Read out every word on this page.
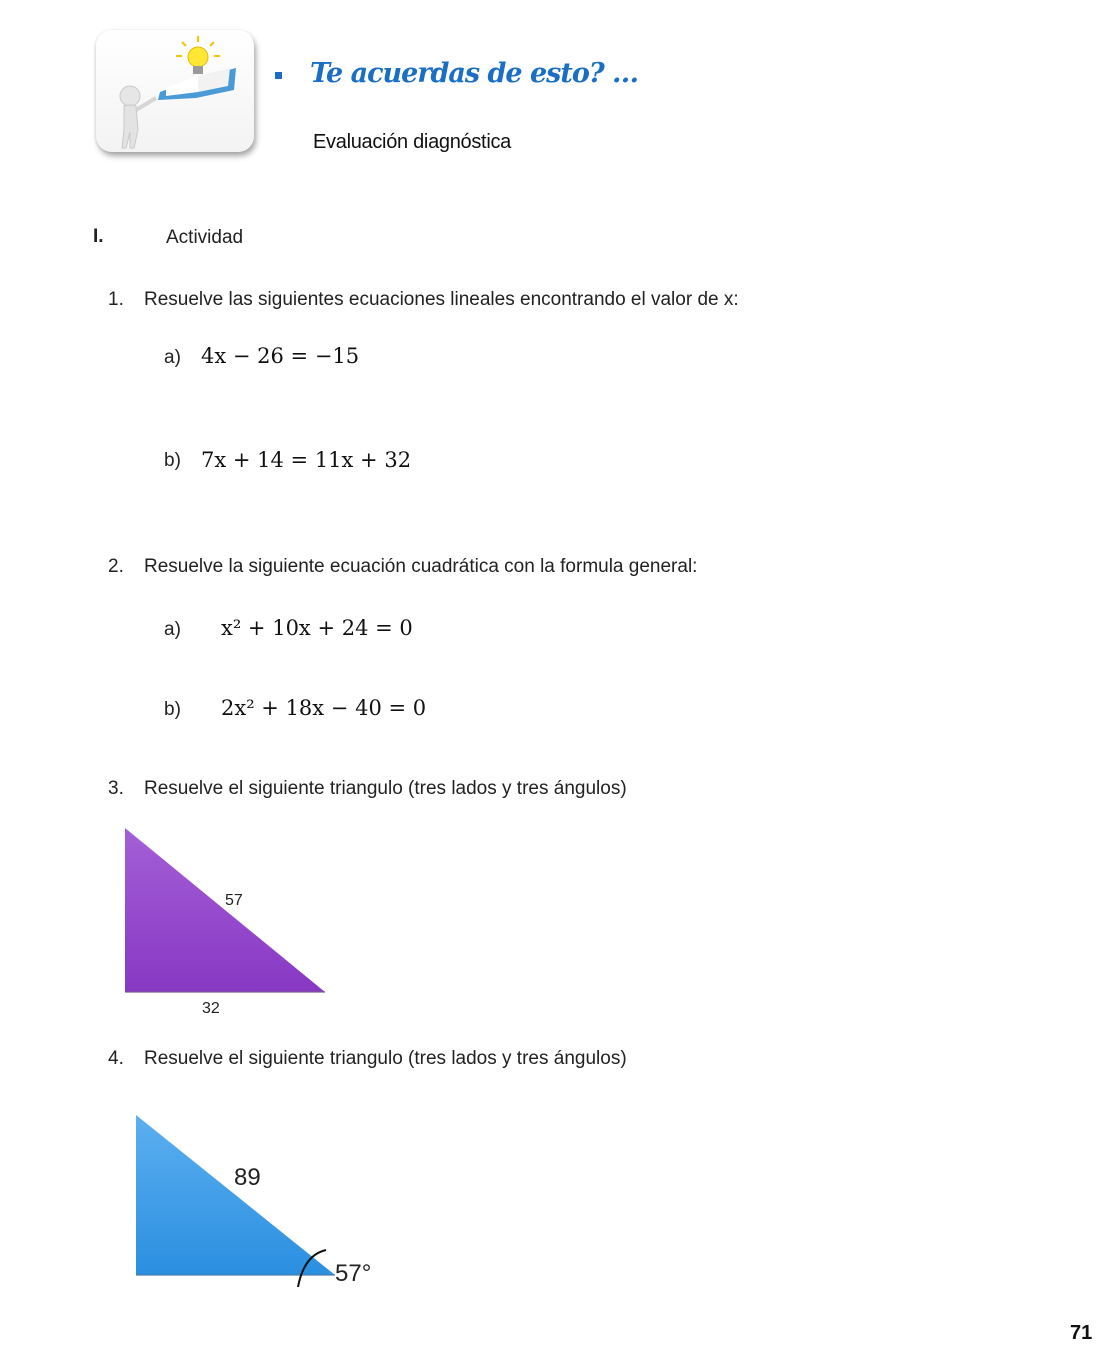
Te acuerdas de esto? …
Evaluación diagnóstica
I.	Actividad
1. Resuelve las siguientes ecuaciones lineales encontrando el valor de x:
a) 4x − 26 = −15
b) 7x + 14 = 11x + 32
2. Resuelve la siguiente ecuación cuadrática con la formula general:
a) x² + 10x + 24 = 0
b) 2x² + 18x − 40 = 0
3. Resuelve el siguiente triangulo (tres lados y tres ángulos)
57
32
4. Resuelve el siguiente triangulo (tres lados y tres ángulos)
89
57°
71
